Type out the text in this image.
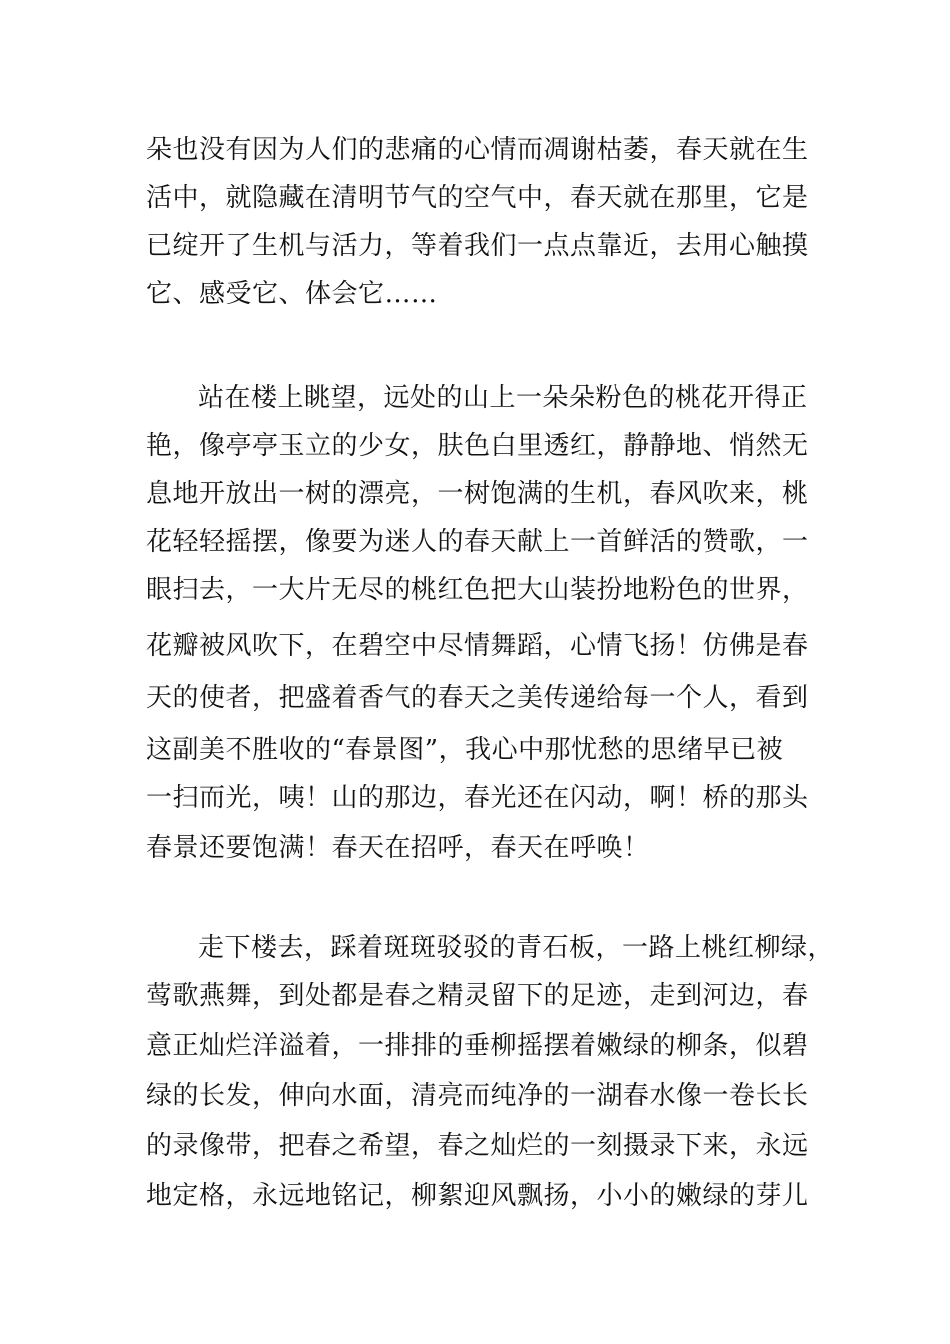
朵也没有因为人们的悲痛的心情而凋谢枯萎，春天就在生
活中，就隐藏在清明节气的空气中，春天就在那里，它是
已绽开了生机与活力，等着我们一点点靠近，去用心触摸
它、感受它、体会它……
站在楼上眺望，远处的山上一朵朵粉色的桃花开得正
艳，像亭亭玉立的少女，肤色白里透红，静静地、悄然无
息地开放出一树的漂亮，一树饱满的生机，春风吹来，桃
花轻轻摇摆，像要为迷人的春天献上一首鲜活的赞歌，一
眼扫去，一大片无尽的桃红色把大山装扮地粉色的世界，
花瓣被风吹下，在碧空中尽情舞蹈，心情飞扬！仿佛是春
天的使者，把盛着香气的春天之美传递给每一个人，看到
这副美不胜收的“春景图”，我心中那忧愁的思绪早已被
一扫而光，咦！山的那边，春光还在闪动，啊！桥的那头
春景还要饱满！春天在招呼，春天在呼唤！
走下楼去，踩着斑斑驳驳的青石板，一路上桃红柳绿，
莺歌燕舞，到处都是春之精灵留下的足迹，走到河边，春
意正灿烂洋溢着，一排排的垂柳摇摆着嫩绿的柳条，似碧
绿的长发，伸向水面，清亮而纯净的一湖春水像一卷长长
的录像带，把春之希望，春之灿烂的一刻摄录下来，永远
地定格，永远地铭记，柳絮迎风飘扬，小小的嫩绿的芽儿
